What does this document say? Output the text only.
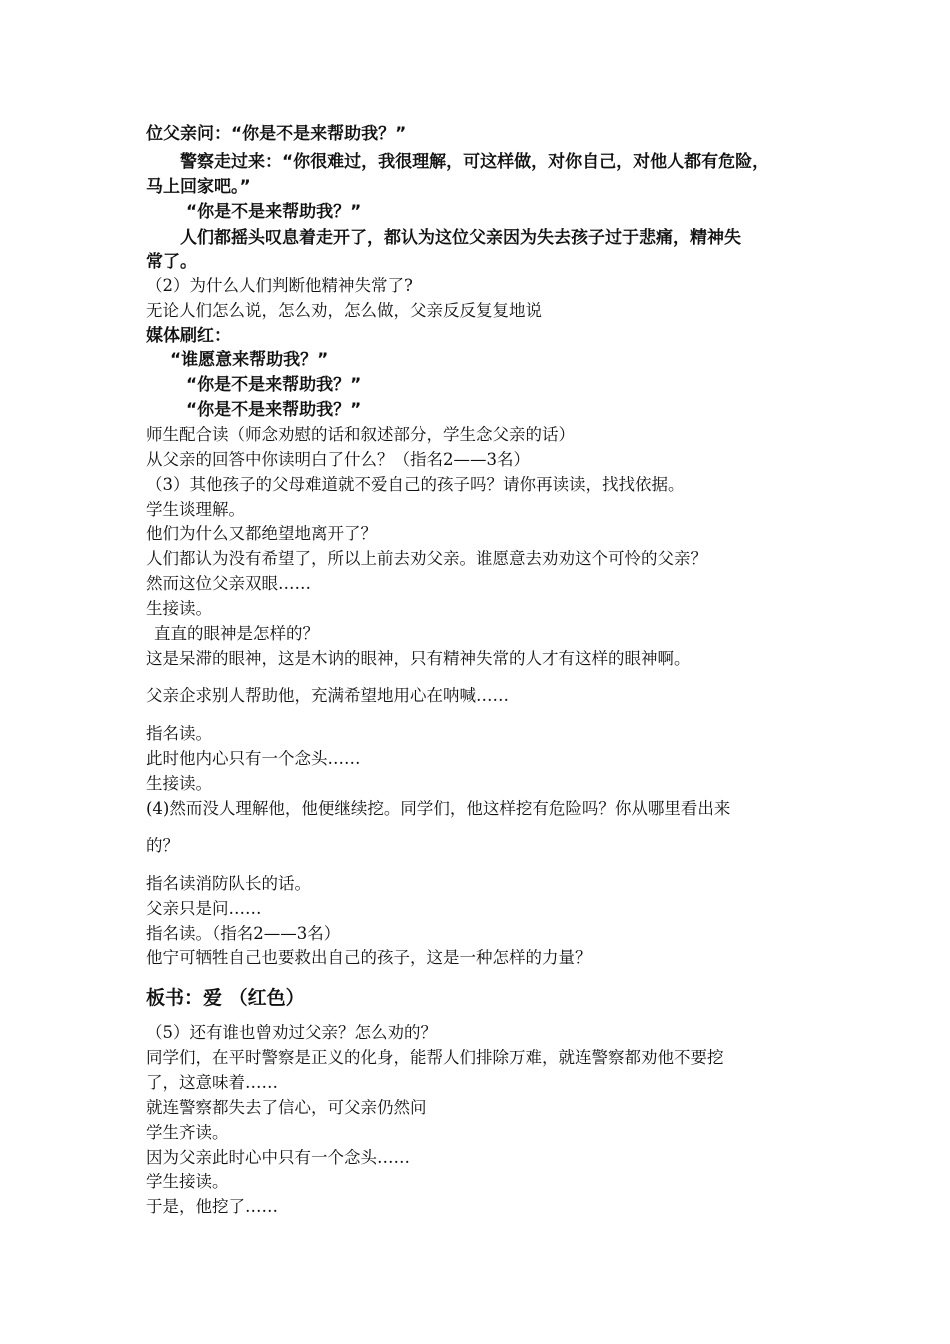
位父亲问：“你是不是来帮助我？”
警察走过来：“你很难过，我很理解，可这样做，对你自己，对他人都有危险，
马上回家吧。”
“你是不是来帮助我？”
人们都摇头叹息着走开了，都认为这位父亲因为失去孩子过于悲痛，精神失
常了。
（2）为什么人们判断他精神失常了?
无论人们怎么说，怎么劝，怎么做，父亲反反复复地说
媒体刷红：
“谁愿意来帮助我？”
“你是不是来帮助我？”
“你是不是来帮助我？”
师生配合读（师念劝慰的话和叙述部分，学生念父亲的话）
从父亲的回答中你读明白了什么？（指名2——3名）
（3）其他孩子的父母难道就不爱自己的孩子吗？请你再读读，找找依据。
学生谈理解。
他们为什么又都绝望地离开了？
人们都认为没有希望了，所以上前去劝父亲。谁愿意去劝劝这个可怜的父亲？
然而这位父亲双眼……
生接读。
直直的眼神是怎样的？
这是呆滞的眼神，这是木讷的眼神，只有精神失常的人才有这样的眼神啊。
父亲企求别人帮助他，充满希望地用心在呐喊……
指名读。
此时他内心只有一个念头……
生接读。
(4)然而没人理解他，他便继续挖。同学们，他这样挖有危险吗？你从哪里看出来
的？
指名读消防队长的话。
父亲只是问……
指名读。（指名2——3名）
他宁可牺牲自己也要救出自己的孩子，这是一种怎样的力量？
板书：爱 （红色）
（5）还有谁也曾劝过父亲？怎么劝的？
同学们，在平时警察是正义的化身，能帮人们排除万难，就连警察都劝他不要挖
了，这意味着……
就连警察都失去了信心，可父亲仍然问
学生齐读。
因为父亲此时心中只有一个念头……
学生接读。
于是，他挖了……
